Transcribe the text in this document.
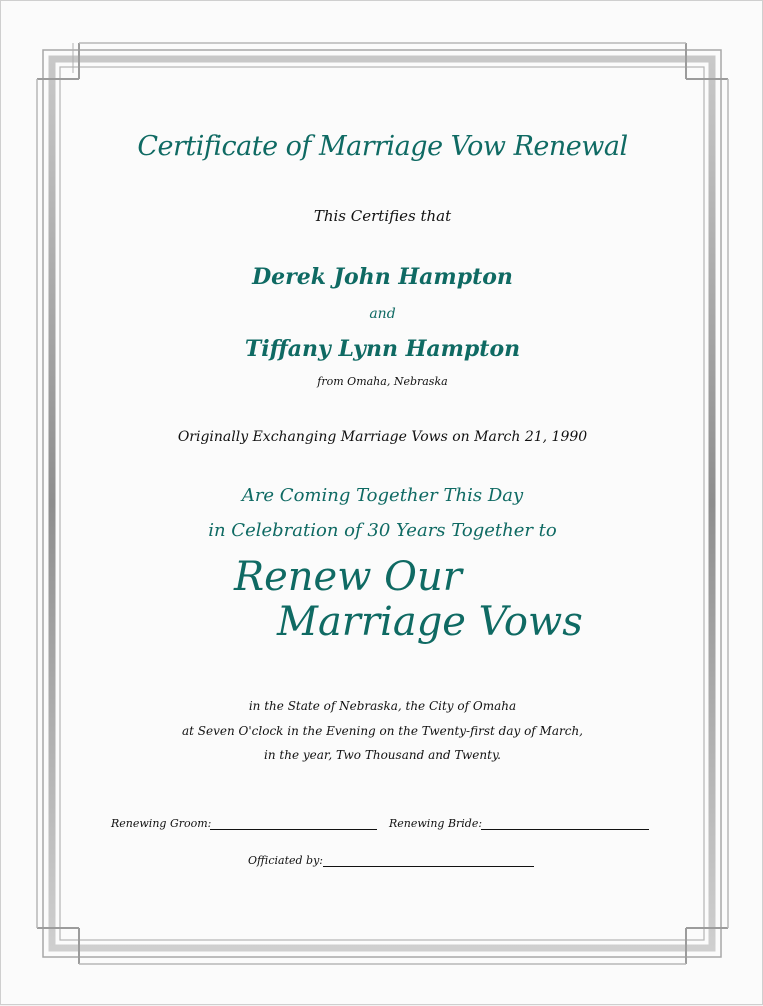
Certificate of Marriage Vow Renewal
This Certifies that
Derek John Hampton
and
Tiffany Lynn Hampton
from Omaha, Nebraska
Originally Exchanging Marriage Vows on March 21, 1990
Are Coming Together This Day
in Celebration of 30 Years Together to
Renew Our
Marriage Vows
in the State of Nebraska, the City of Omaha
at Seven O'clock in the Evening on the Twenty-first day of March,
in the year, Two Thousand and Twenty.
Renewing Groom:	Renewing Bride:
Officiated by:
